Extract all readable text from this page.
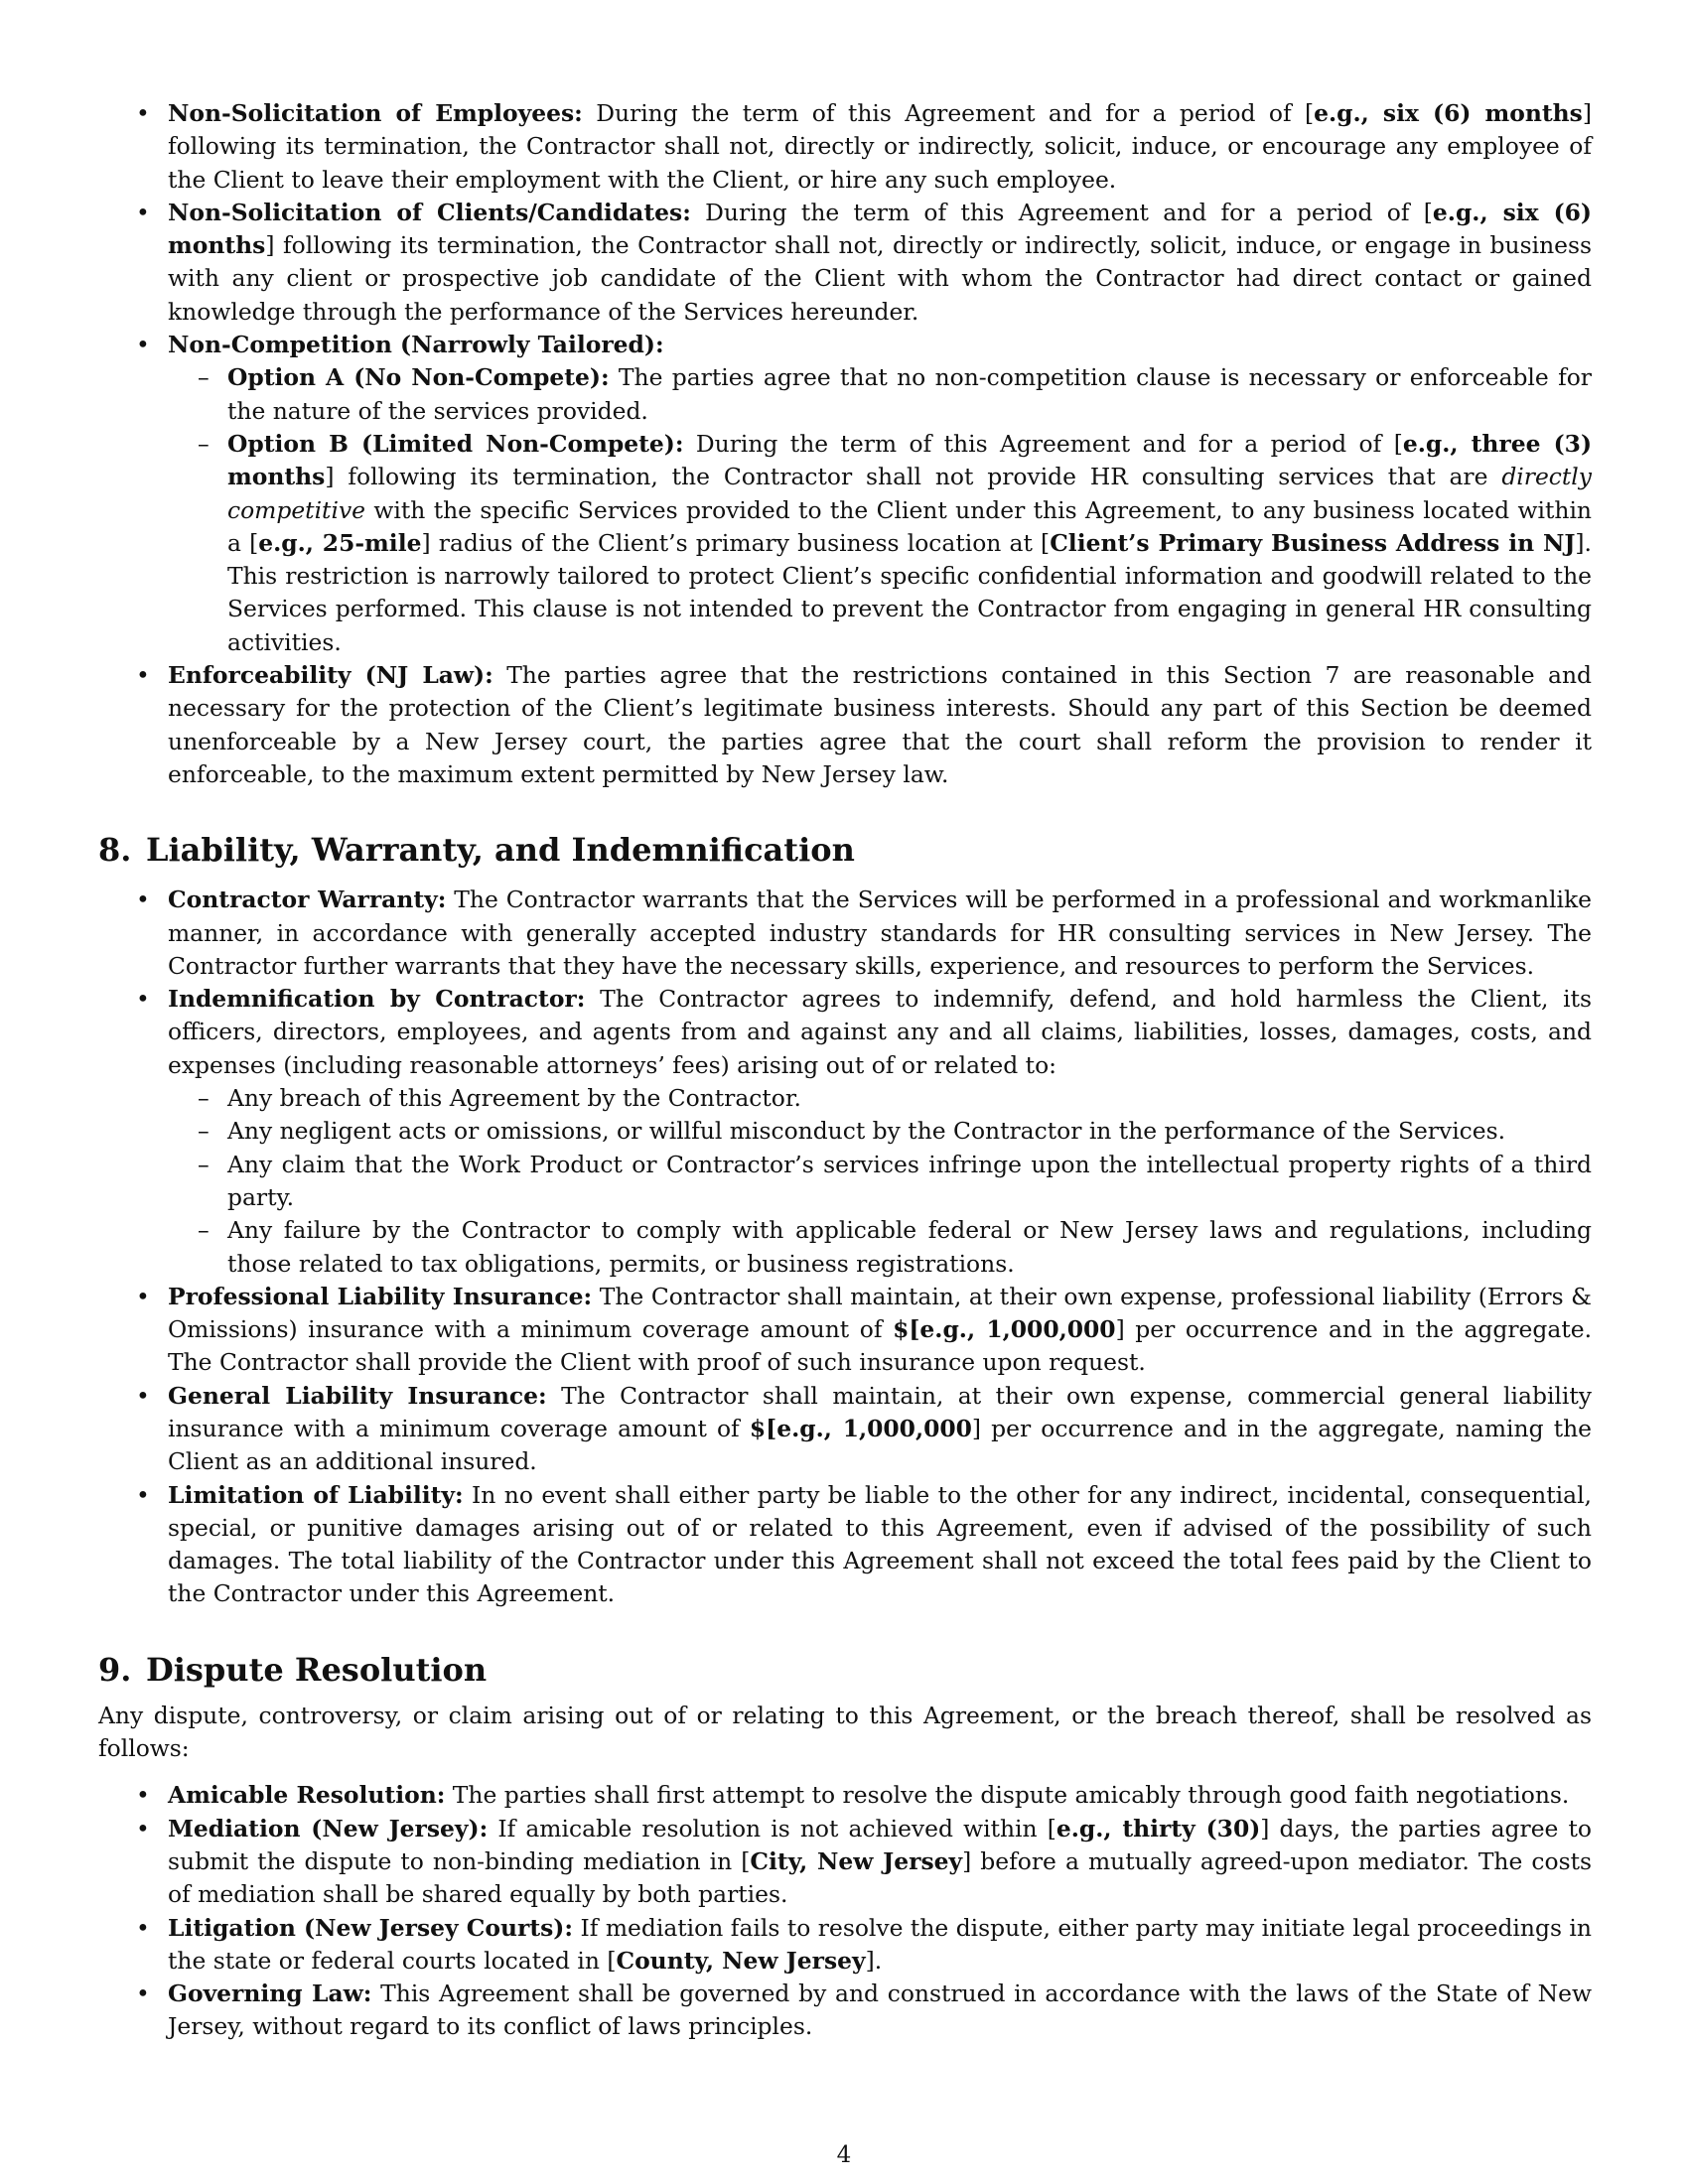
• Non-Solicitation of Employees: During the term of this Agreement and for a period of [e.g., six (6) months] following its termination, the Contractor shall not, directly or indirectly, solicit, induce, or encourage any employee of the Client to leave their employment with the Client, or hire any such employee.
• Non-Solicitation of Clients/Candidates: During the term of this Agreement and for a period of [e.g., six (6) months] following its termination, the Contractor shall not, directly or indirectly, solicit, induce, or engage in business with any client or prospective job candidate of the Client with whom the Contractor had direct contact or gained knowledge through the performance of the Services hereunder.
• Non-Competition (Narrowly Tailored):
– Option A (No Non-Compete): The parties agree that no non-competition clause is necessary or enforceable for the nature of the services provided.
– Option B (Limited Non-Compete): During the term of this Agreement and for a period of [e.g., three (3) months] following its termination, the Contractor shall not provide HR consulting services that are directly competitive with the specific Services provided to the Client under this Agreement, to any business located within a [e.g., 25-mile] radius of the Client’s primary business location at [Client’s Primary Business Address in NJ]. This restriction is narrowly tailored to protect Client’s specific confidential information and goodwill related to the Services performed. This clause is not intended to prevent the Contractor from engaging in general HR consulting activities.
• Enforceability (NJ Law): The parties agree that the restrictions contained in this Section 7 are reasonable and necessary for the protection of the Client’s legitimate business interests. Should any part of this Section be deemed unenforceable by a New Jersey court, the parties agree that the court shall reform the provision to render it enforceable, to the maximum extent permitted by New Jersey law.
8. Liability, Warranty, and Indemnification
• Contractor Warranty: The Contractor warrants that the Services will be performed in a professional and workmanlike manner, in accordance with generally accepted industry standards for HR consulting services in New Jersey. The Contractor further warrants that they have the necessary skills, experience, and resources to perform the Services.
• Indemnification by Contractor: The Contractor agrees to indemnify, defend, and hold harmless the Client, its officers, directors, employees, and agents from and against any and all claims, liabilities, losses, damages, costs, and expenses (including reasonable attorneys’ fees) arising out of or related to:
– Any breach of this Agreement by the Contractor.
– Any negligent acts or omissions, or willful misconduct by the Contractor in the performance of the Services.
– Any claim that the Work Product or Contractor’s services infringe upon the intellectual property rights of a third party.
– Any failure by the Contractor to comply with applicable federal or New Jersey laws and regulations, including those related to tax obligations, permits, or business registrations.
• Professional Liability Insurance: The Contractor shall maintain, at their own expense, professional liability (Errors & Omissions) insurance with a minimum coverage amount of $[e.g., 1,000,000] per occurrence and in the aggregate. The Contractor shall provide the Client with proof of such insurance upon request.
• General Liability Insurance: The Contractor shall maintain, at their own expense, commercial general liability insurance with a minimum coverage amount of $[e.g., 1,000,000] per occurrence and in the aggregate, naming the Client as an additional insured.
• Limitation of Liability: In no event shall either party be liable to the other for any indirect, incidental, consequential, special, or punitive damages arising out of or related to this Agreement, even if advised of the possibility of such damages. The total liability of the Contractor under this Agreement shall not exceed the total fees paid by the Client to the Contractor under this Agreement.
9. Dispute Resolution

Any dispute, controversy, or claim arising out of or relating to this Agreement, or the breach thereof, shall be resolved as follows:

• Amicable Resolution: The parties shall first attempt to resolve the dispute amicably through good faith negotiations.
• Mediation (New Jersey): If amicable resolution is not achieved within [e.g., thirty (30)] days, the parties agree to submit the dispute to non-binding mediation in [City, New Jersey] before a mutually agreed-upon mediator. The costs of mediation shall be shared equally by both parties.
• Litigation (New Jersey Courts): If mediation fails to resolve the dispute, either party may initiate legal proceedings in the state or federal courts located in [County, New Jersey].
• Governing Law: This Agreement shall be governed by and construed in accordance with the laws of the State of New Jersey, without regard to its conflict of laws principles.
4
